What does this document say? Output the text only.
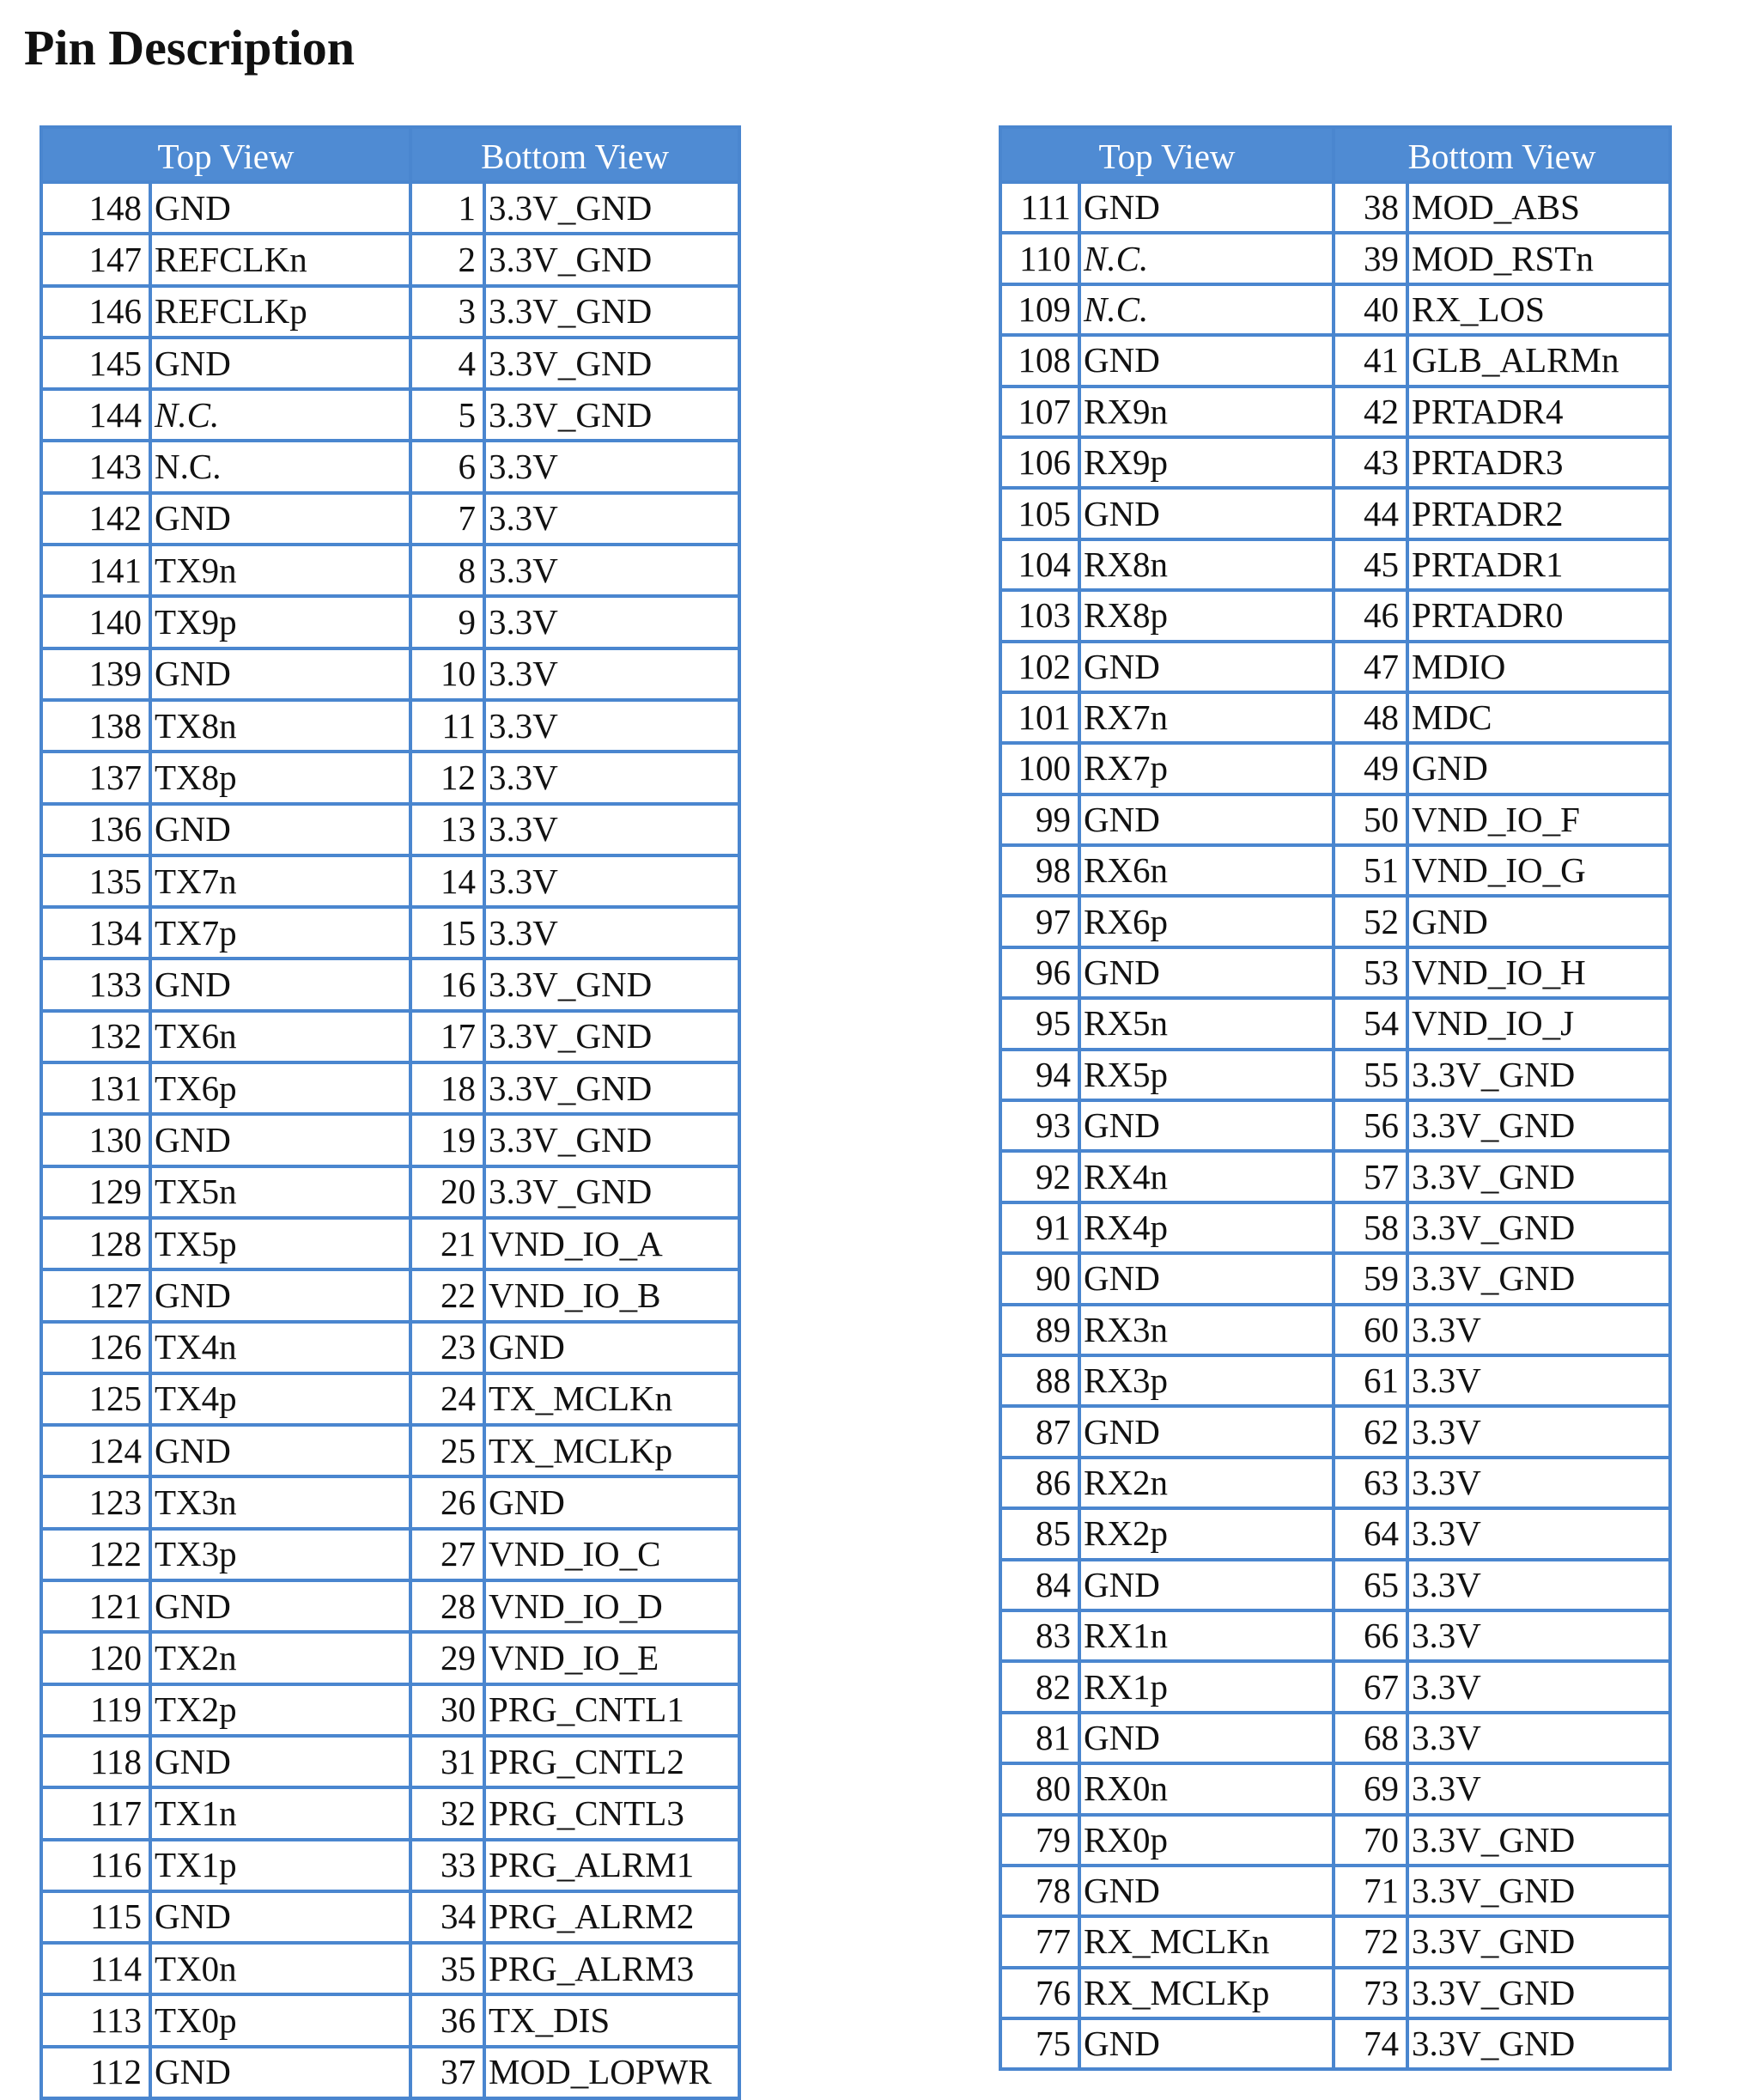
Pin Description
Top View		Bottom View	
148	GND	1	3.3V_GND
147	REFCLKn	2	3.3V_GND
146	REFCLKp	3	3.3V_GND
145	GND	4	3.3V_GND
144	N.C.	5	3.3V_GND
143	N.C.	6	3.3V
142	GND	7	3.3V
141	TX9n	8	3.3V
140	TX9p	9	3.3V
139	GND	10	3.3V
138	TX8n	11	3.3V
137	TX8p	12	3.3V
136	GND	13	3.3V
135	TX7n	14	3.3V
134	TX7p	15	3.3V
133	GND	16	3.3V_GND
132	TX6n	17	3.3V_GND
131	TX6p	18	3.3V_GND
130	GND	19	3.3V_GND
129	TX5n	20	3.3V_GND
128	TX5p	21	VND_IO_A
127	GND	22	VND_IO_B
126	TX4n	23	GND
125	TX4p	24	TX_MCLKn
124	GND	25	TX_MCLKp
123	TX3n	26	GND
122	TX3p	27	VND_IO_C
121	GND	28	VND_IO_D
120	TX2n	29	VND_IO_E
119	TX2p	30	PRG_CNTL1
118	GND	31	PRG_CNTL2
117	TX1n	32	PRG_CNTL3
116	TX1p	33	PRG_ALRM1
115	GND	34	PRG_ALRM2
114	TX0n	35	PRG_ALRM3
113	TX0p	36	TX_DIS
112	GND	37	MOD_LOPWR
Top View		Bottom View	
111	GND	38	MOD_ABS
110	N.C.	39	MOD_RSTn
109	N.C.	40	RX_LOS
108	GND	41	GLB_ALRMn
107	RX9n	42	PRTADR4
106	RX9p	43	PRTADR3
105	GND	44	PRTADR2
104	RX8n	45	PRTADR1
103	RX8p	46	PRTADR0
102	GND	47	MDIO
101	RX7n	48	MDC
100	RX7p	49	GND
99	GND	50	VND_IO_F
98	RX6n	51	VND_IO_G
97	RX6p	52	GND
96	GND	53	VND_IO_H
95	RX5n	54	VND_IO_J
94	RX5p	55	3.3V_GND
93	GND	56	3.3V_GND
92	RX4n	57	3.3V_GND
91	RX4p	58	3.3V_GND
90	GND	59	3.3V_GND
89	RX3n	60	3.3V
88	RX3p	61	3.3V
87	GND	62	3.3V
86	RX2n	63	3.3V
85	RX2p	64	3.3V
84	GND	65	3.3V
83	RX1n	66	3.3V
82	RX1p	67	3.3V
81	GND	68	3.3V
80	RX0n	69	3.3V
79	RX0p	70	3.3V_GND
78	GND	71	3.3V_GND
77	RX_MCLKn	72	3.3V_GND
76	RX_MCLKp	73	3.3V_GND
75	GND	74	3.3V_GND
